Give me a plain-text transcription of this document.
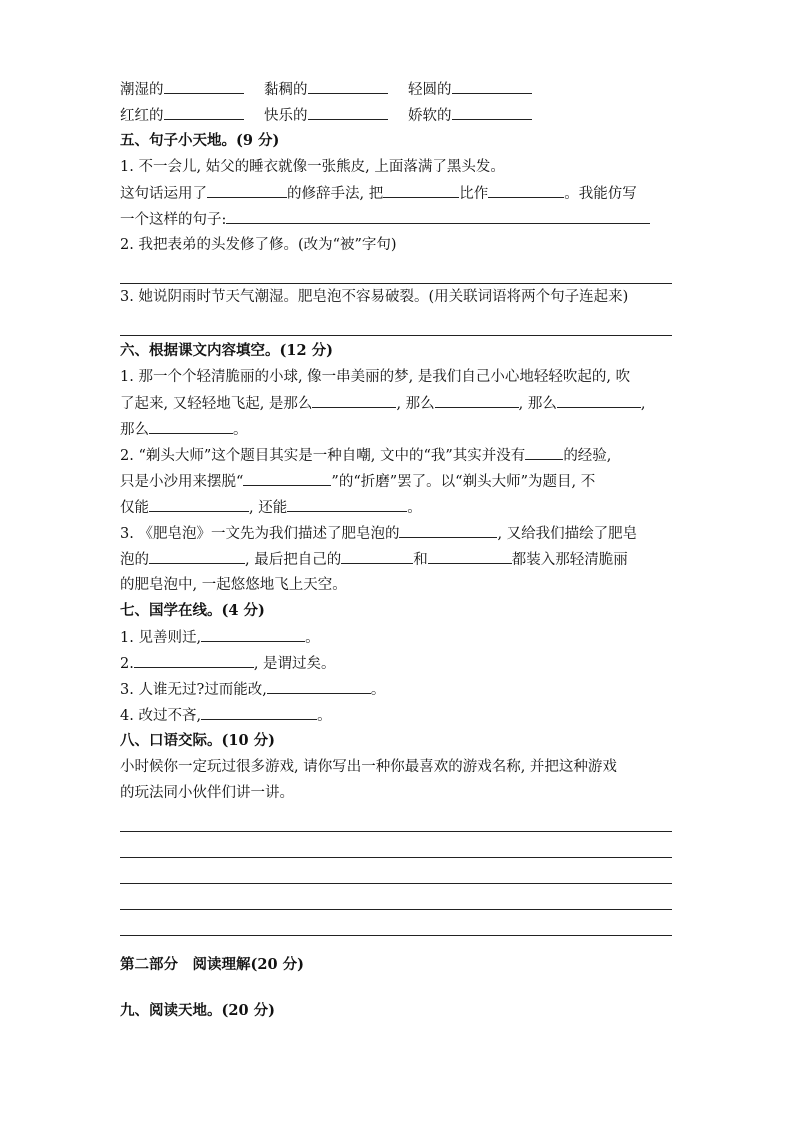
潮湿的	黏稠的	轻圆的
红红的	快乐的	娇软的
五、句子小天地。(9 分)
1. 不一会儿, 姑父的睡衣就像一张熊皮, 上面落满了黑头发。
这句话运用了	的修辞手法, 把	比作	。我能仿写
一个这样的句子:
2. 我把表弟的头发修了修。(改为“被”字句)
3. 她说阴雨时节天气潮湿。肥皂泡不容易破裂。(用关联词语将两个句子连起来)
六、根据课文内容填空。(12 分)
1. 那一个个轻清脆丽的小球, 像一串美丽的梦, 是我们自己小心地轻轻吹起的, 吹
了起来, 又轻轻地飞起, 是那么	, 那么	, 那么	,
那么	。
2. “剃头大师”这个题目其实是一种自嘲, 文中的“我”其实并没有	的经验,
只是小沙用来摆脱“	”的“折磨”罢了。以“剃头大师”为题目, 不
仅能	, 还能	。
3. 《肥皂泡》一文先为我们描述了肥皂泡的	, 又给我们描绘了肥皂
泡的	, 最后把自己的	和	都装入那轻清脆丽
的肥皂泡中, 一起悠悠地飞上天空。
七、国学在线。(4 分)
1. 见善则迁,	。
2.	, 是谓过矣。
3. 人谁无过?过而能改,	。
4. 改过不吝,	。
八、口语交际。(10 分)
小时候你一定玩过很多游戏, 请你写出一种你最喜欢的游戏名称, 并把这种游戏
的玩法同小伙伴们讲一讲。
第二部分　阅读理解(20 分)
九、阅读天地。(20 分)
